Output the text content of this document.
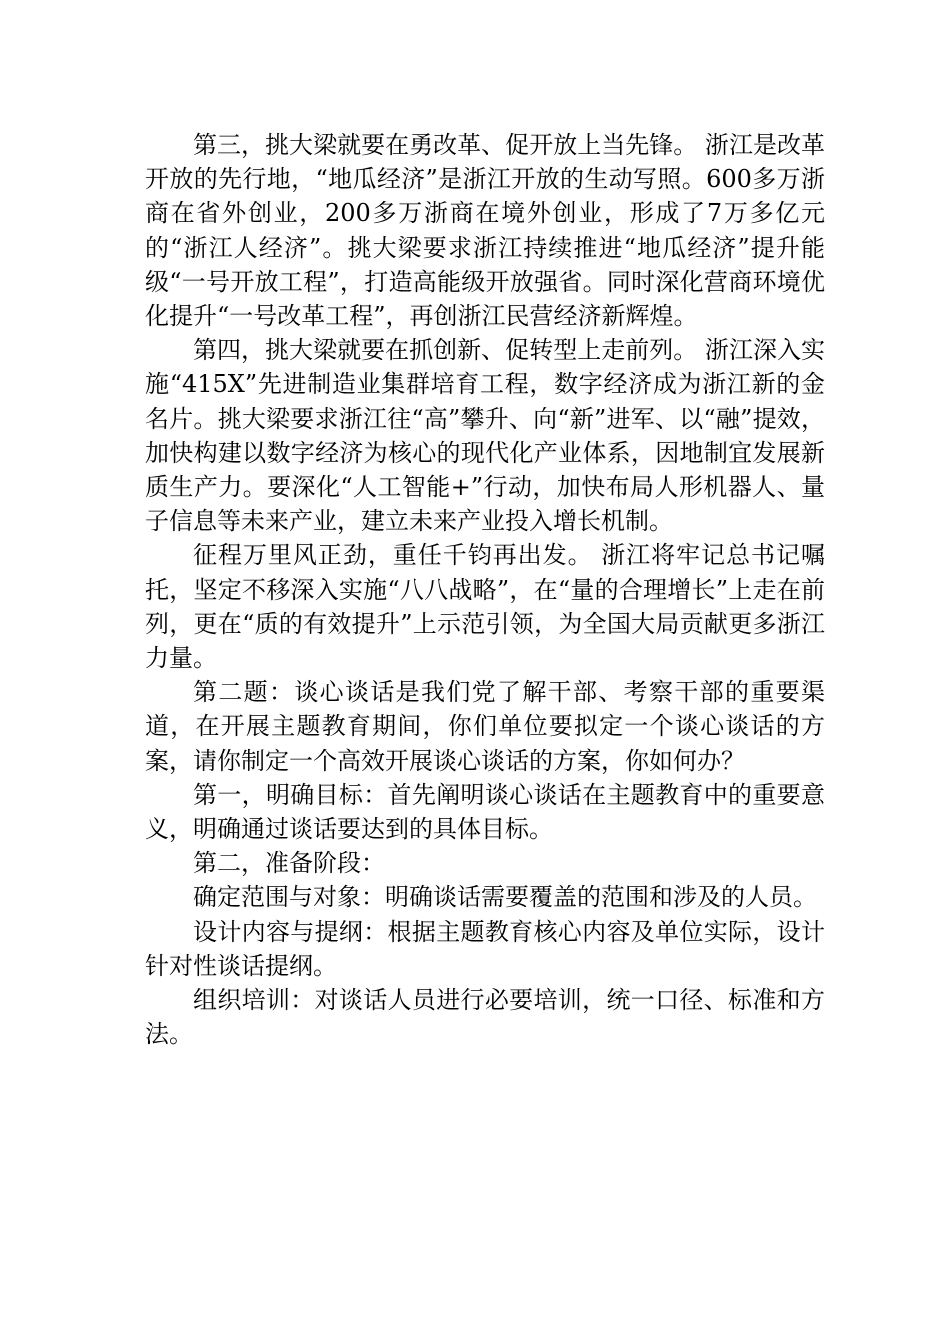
第三，挑大梁就要在勇改革、促开放上当先锋。 浙江是改革开放的先行地，“地瓜经济”是浙江开放的生动写照。600多万浙商在省外创业，200多万浙商在境外创业，形成了7万多亿元的“浙江人经济”。挑大梁要求浙江持续推进“地瓜经济”提升能级“一号开放工程”，打造高能级开放强省。同时深化营商环境优化提升“一号改革工程”，再创浙江民营经济新辉煌。

第四，挑大梁就要在抓创新、促转型上走前列。 浙江深入实施“415X”先进制造业集群培育工程，数字经济成为浙江新的金名片。挑大梁要求浙江往“高”攀升、向“新”进军、以“融”提效，加快构建以数字经济为核心的现代化产业体系，因地制宜发展新质生产力。要深化“人工智能+”行动，加快布局人形机器人、量子信息等未来产业，建立未来产业投入增长机制。

征程万里风正劲，重任千钧再出发。 浙江将牢记总书记嘱托，坚定不移深入实施“八八战略”，在“量的合理增长”上走在前列，更在“质的有效提升”上示范引领，为全国大局贡献更多浙江力量。

第二题：谈心谈话是我们党了解干部、考察干部的重要渠道，在开展主题教育期间，你们单位要拟定一个谈心谈话的方案，请你制定一个高效开展谈心谈话的方案，你如何办？

第一，明确目标：首先阐明谈心谈话在主题教育中的重要意义，明确通过谈话要达到的具体目标。

第二，准备阶段：

确定范围与对象：明确谈话需要覆盖的范围和涉及的人员。

设计内容与提纲：根据主题教育核心内容及单位实际，设计针对性谈话提纲。

组织培训：对谈话人员进行必要培训，统一口径、标准和方法。
